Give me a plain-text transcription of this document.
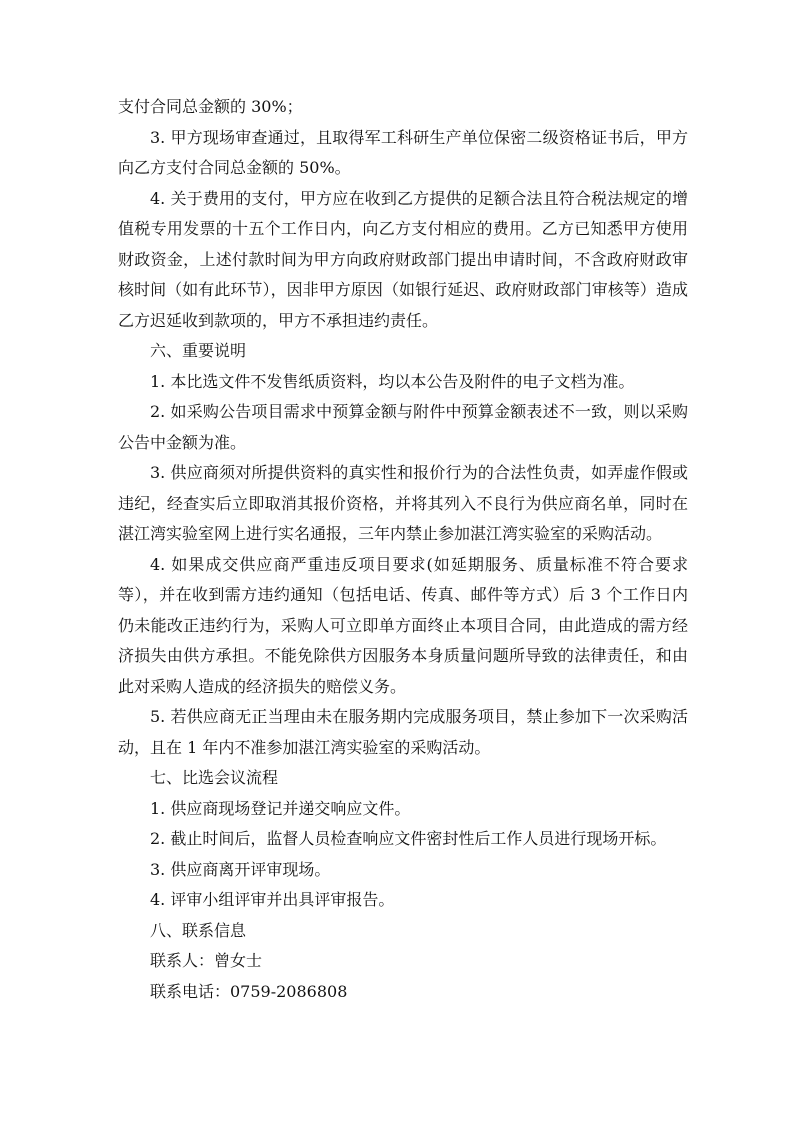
支付合同总金额的 30%；

3. 甲方现场审查通过，且取得军工科研生产单位保密二级资格证书后，甲方向乙方支付合同总金额的 50%。

4. 关于费用的支付，甲方应在收到乙方提供的足额合法且符合税法规定的增值税专用发票的十五个工作日内，向乙方支付相应的费用。乙方已知悉甲方使用财政资金，上述付款时间为甲方向政府财政部门提出申请时间，不含政府财政审核时间（如有此环节），因非甲方原因（如银行延迟、政府财政部门审核等）造成乙方迟延收到款项的，甲方不承担违约责任。

六、重要说明

1. 本比选文件不发售纸质资料，均以本公告及附件的电子文档为准。

2. 如采购公告项目需求中预算金额与附件中预算金额表述不一致，则以采购公告中金额为准。

3. 供应商须对所提供资料的真实性和报价行为的合法性负责，如弄虚作假或违纪，经查实后立即取消其报价资格，并将其列入不良行为供应商名单，同时在湛江湾实验室网上进行实名通报，三年内禁止参加湛江湾实验室的采购活动。

4. 如果成交供应商严重违反项目要求(如延期服务、质量标准不符合要求等），并在收到需方违约通知（包括电话、传真、邮件等方式）后 3 个工作日内仍未能改正违约行为，采购人可立即单方面终止本项目合同，由此造成的需方经济损失由供方承担。不能免除供方因服务本身质量问题所导致的法律责任，和由此对采购人造成的经济损失的赔偿义务。

5. 若供应商无正当理由未在服务期内完成服务项目，禁止参加下一次采购活动，且在 1 年内不准参加湛江湾实验室的采购活动。

七、比选会议流程

1. 供应商现场登记并递交响应文件。

2. 截止时间后，监督人员检查响应文件密封性后工作人员进行现场开标。

3. 供应商离开评审现场。

4. 评审小组评审并出具评审报告。

八、联系信息

联系人：曾女士

联系电话：0759-2086808
